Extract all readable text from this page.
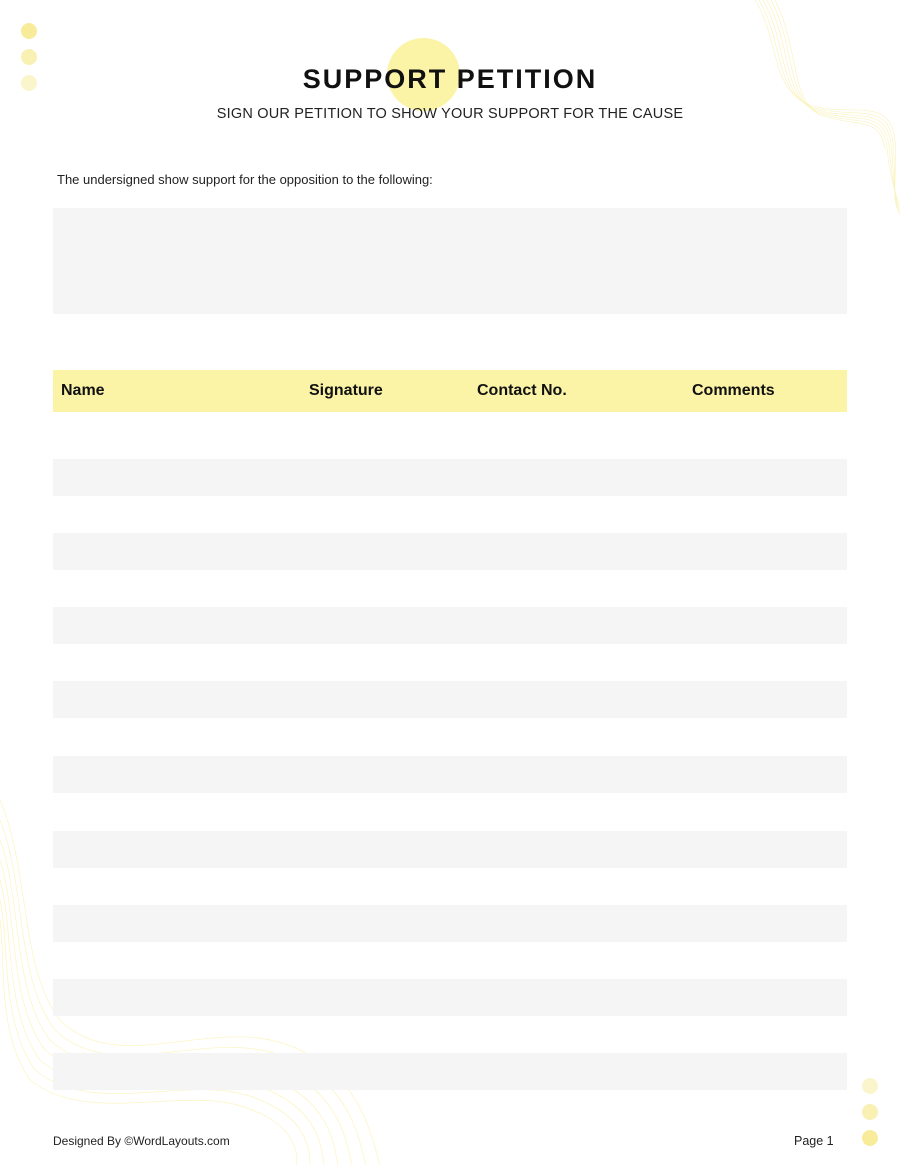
SUPPORT PETITION
SIGN OUR PETITION TO SHOW YOUR SUPPORT FOR THE CAUSE
The undersigned show support for the opposition to the following:
Name	Signature	Contact No.	Comments
Designed By ©WordLayouts.com	Page 1
